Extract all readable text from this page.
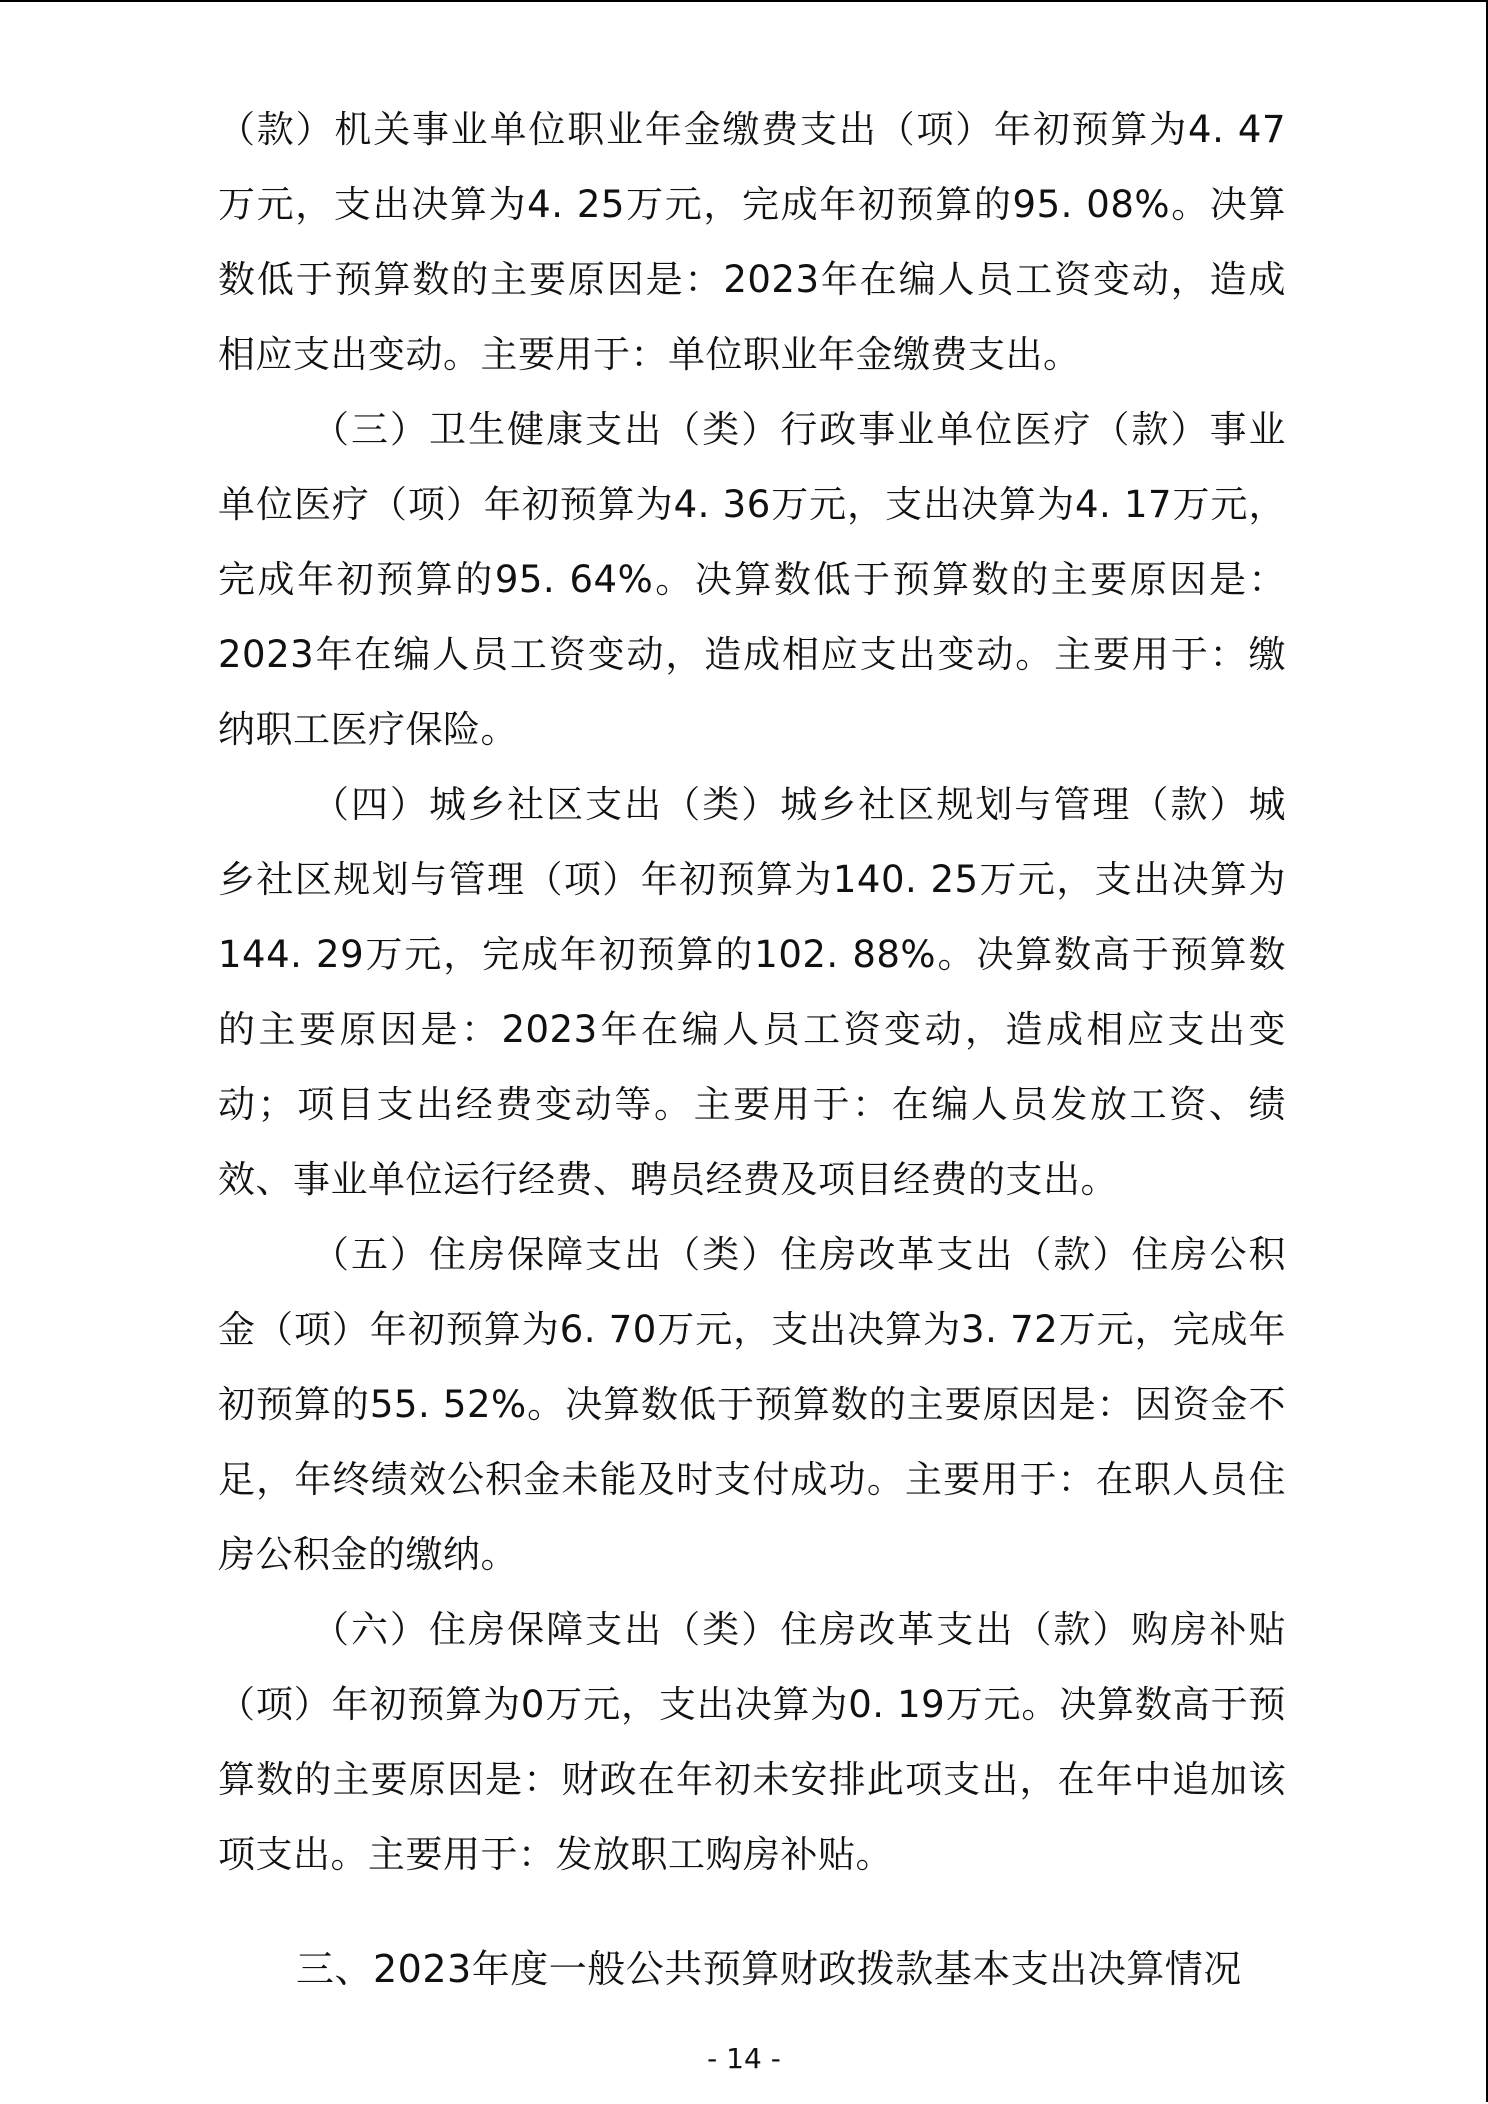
（款）机关事业单位职业年金缴费支出（项）年初预算为4. 47万元，支出决算为4. 25万元，完成年初预算的95. 08%。决算数低于预算数的主要原因是：2023年在编人员工资变动，造成相应支出变动。主要用于：单位职业年金缴费支出。

（三）卫生健康支出（类）行政事业单位医疗（款）事业单位医疗（项）年初预算为4. 36万元，支出决算为4. 17万元，完成年初预算的95. 64%。决算数低于预算数的主要原因是：2023年在编人员工资变动，造成相应支出变动。主要用于：缴纳职工医疗保险。

（四）城乡社区支出（类）城乡社区规划与管理（款）城乡社区规划与管理（项）年初预算为140. 25万元，支出决算为144. 29万元，完成年初预算的102. 88%。决算数高于预算数的主要原因是：2023年在编人员工资变动，造成相应支出变动；项目支出经费变动等。主要用于：在编人员发放工资、绩效、事业单位运行经费、聘员经费及项目经费的支出。

（五）住房保障支出（类）住房改革支出（款）住房公积金（项）年初预算为6. 70万元，支出决算为3. 72万元，完成年初预算的55. 52%。决算数低于预算数的主要原因是：因资金不足，年终绩效公积金未能及时支付成功。主要用于：在职人员住房公积金的缴纳。

（六）住房保障支出（类）住房改革支出（款）购房补贴（项）年初预算为0万元，支出决算为0. 19万元。决算数高于预算数的主要原因是：财政在年初未安排此项支出，在年中追加该项支出。主要用于：发放职工购房补贴。

三、2023年度一般公共预算财政拨款基本支出决算情况
- 14 -
